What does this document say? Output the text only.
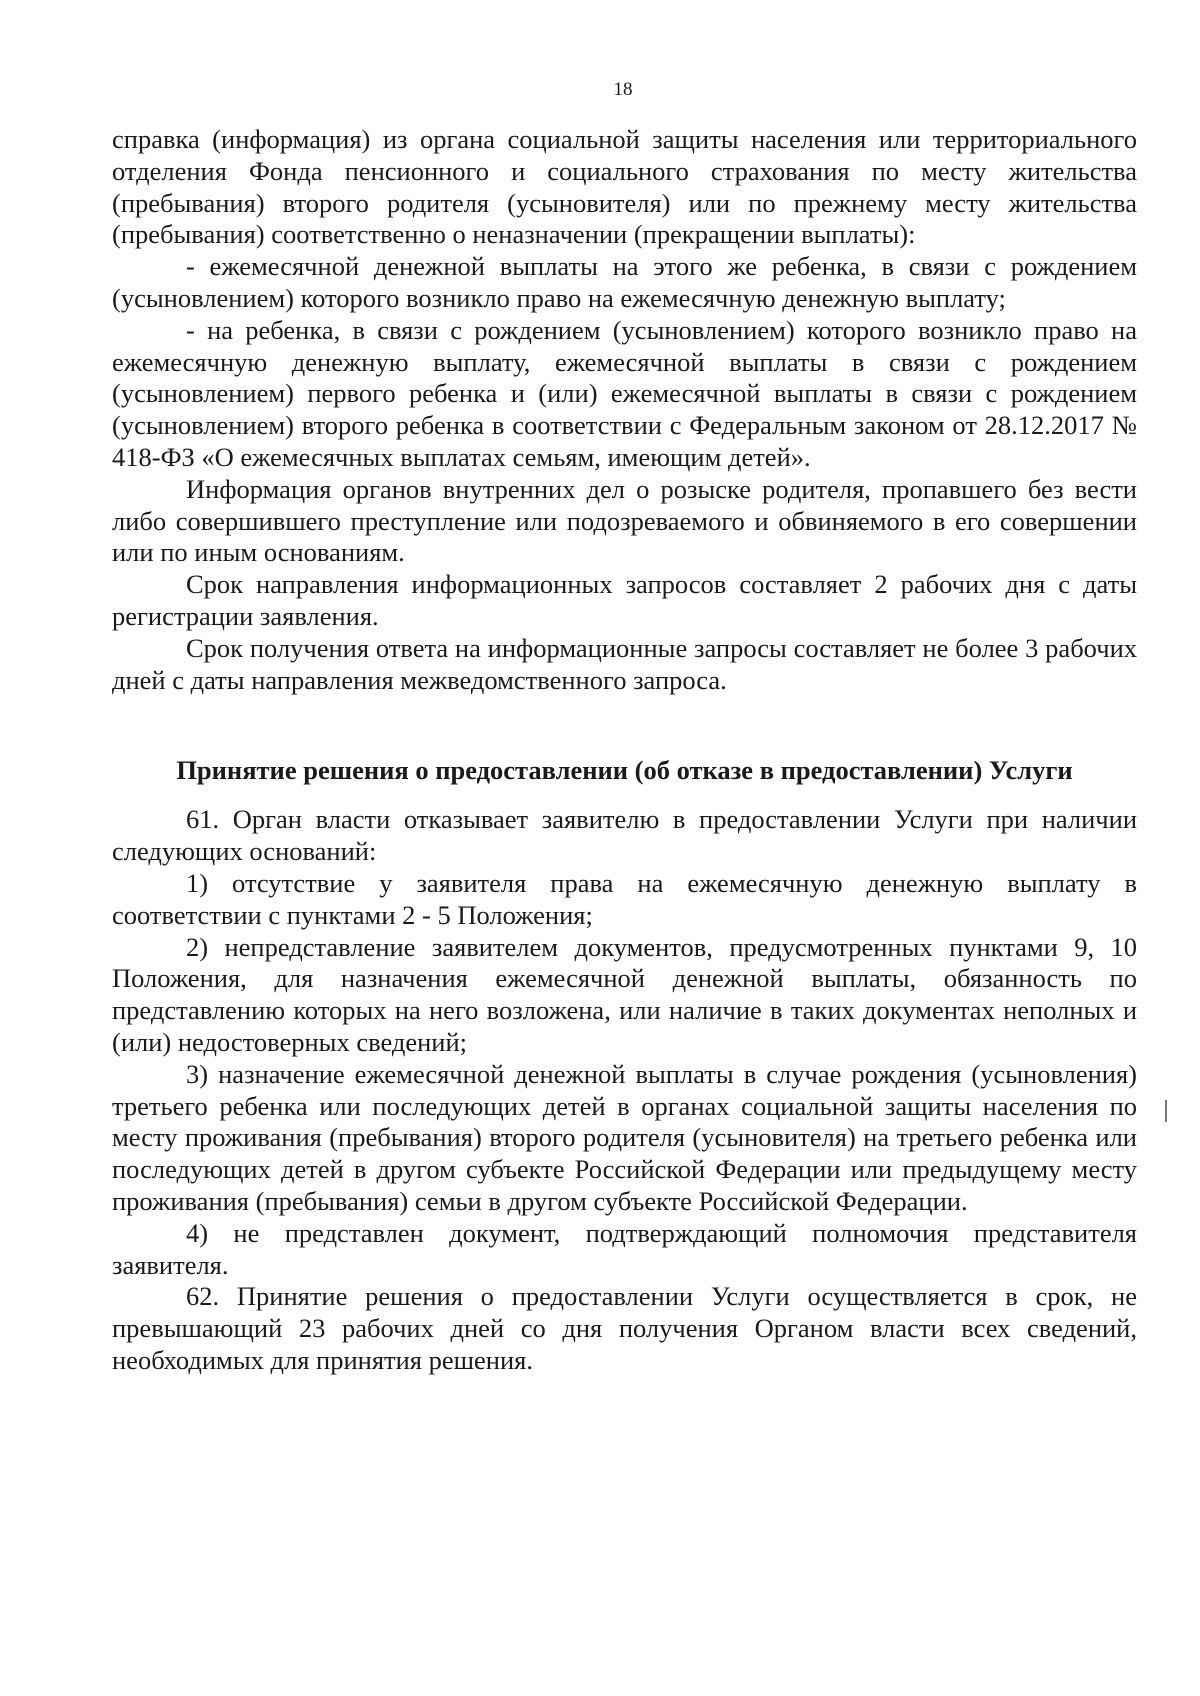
18

справка (информация) из органа социальной защиты населения или территориального отделения Фонда пенсионного и социального страхования по месту жительства (пребывания) второго родителя (усыновителя) или по прежнему месту жительства (пребывания) соответственно о неназначении (прекращении выплаты):

- ежемесячной денежной выплаты на этого же ребенка, в связи с рождением (усыновлением) которого возникло право на ежемесячную денежную выплату;

- на ребенка, в связи с рождением (усыновлением) которого возникло право на ежемесячную денежную выплату, ежемесячной выплаты в связи с рождением (усыновлением) первого ребенка и (или) ежемесячной выплаты в связи с рождением (усыновлением) второго ребенка в соответствии с Федеральным законом от 28.12.2017 № 418-ФЗ «О ежемесячных выплатах семьям, имеющим детей».

Информация органов внутренних дел о розыске родителя, пропавшего без вести либо совершившего преступление или подозреваемого и обвиняемого в его совершении или по иным основаниям.

Срок направления информационных запросов составляет 2 рабочих дня с даты регистрации заявления.

Срок получения ответа на информационные запросы составляет не более 3 рабочих дней с даты направления межведомственного запроса.

Принятие решения о предоставлении (об отказе в предоставлении) Услуги

61. Орган власти отказывает заявителю в предоставлении Услуги при наличии следующих оснований:

1) отсутствие у заявителя права на ежемесячную денежную выплату в соответствии с пунктами 2 - 5 Положения;

2) непредставление заявителем документов, предусмотренных пунктами 9, 10 Положения, для назначения ежемесячной денежной выплаты, обязанность по представлению которых на него возложена, или наличие в таких документах неполных и (или) недостоверных сведений;

3) назначение ежемесячной денежной выплаты в случае рождения (усыновления) третьего ребенка или последующих детей в органах социальной защиты населения по месту проживания (пребывания) второго родителя (усыновителя) на третьего ребенка или последующих детей в другом субъекте Российской Федерации или предыдущему месту проживания (пребывания) семьи в другом субъекте Российской Федерации.

4) не представлен документ, подтверждающий полномочия представителя заявителя.

62. Принятие решения о предоставлении Услуги осуществляется в срок, не превышающий 23 рабочих дней со дня получения Органом власти всех сведений, необходимых для принятия решения.
